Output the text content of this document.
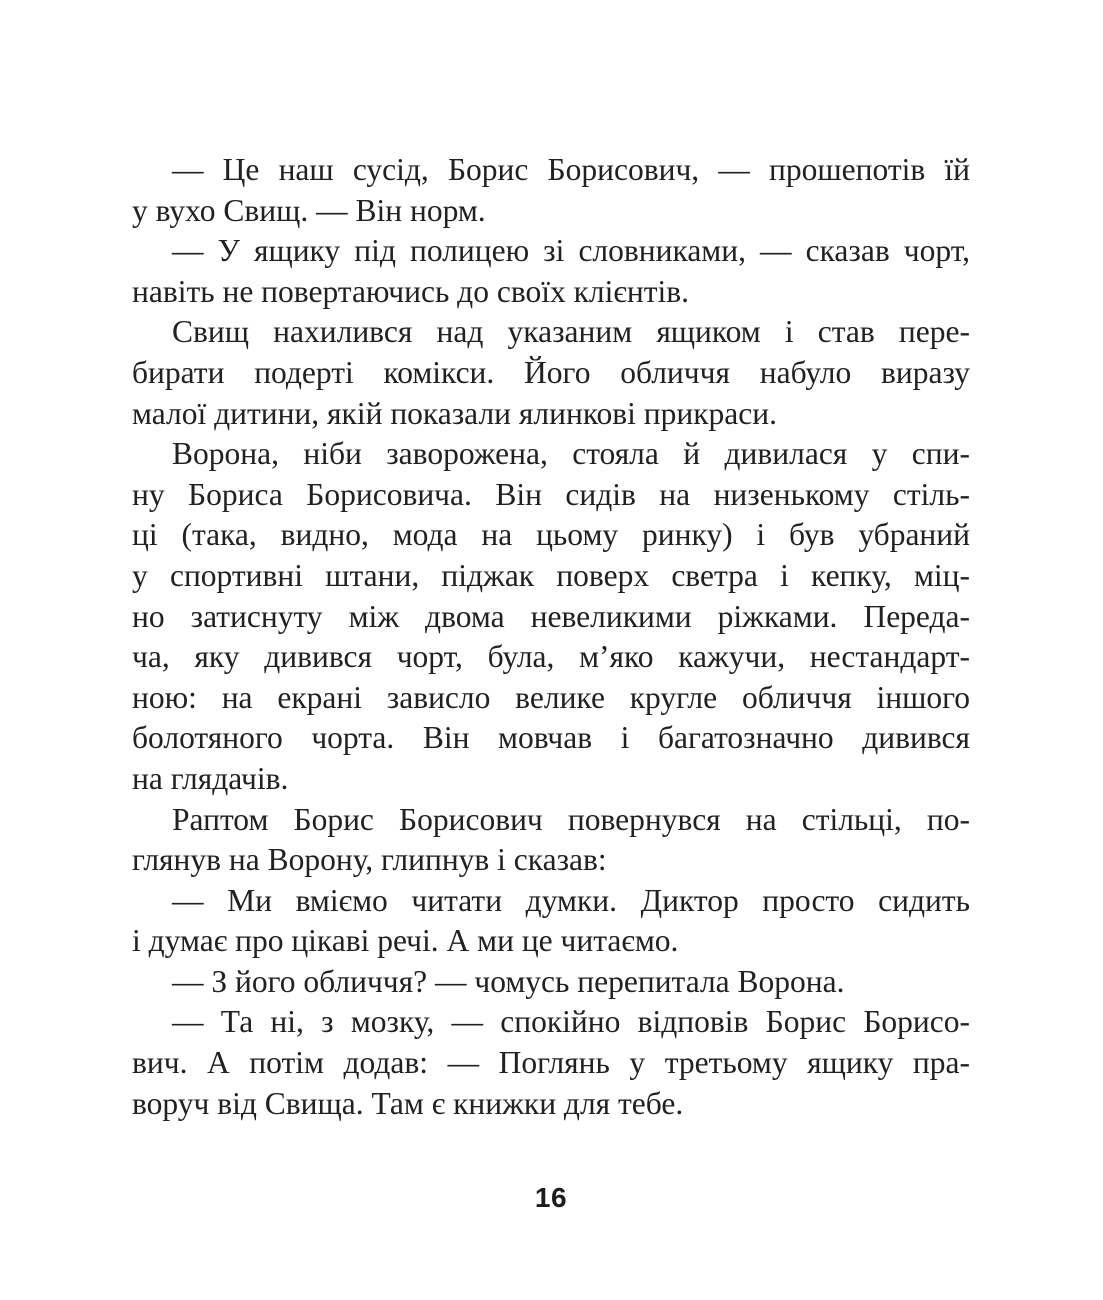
— Це наш сусід, Борис Борисович, — прошепотів їй
у вухо Свищ. — Він норм.
— У ящику під полицею зі словниками, — сказав чорт,
навіть не повертаючись до своїх клієнтів.
Свищ нахилився над указаним ящиком і став пере-
бирати подерті комікси. Його обличчя набуло виразу
малої дитини, якій показали ялинкові прикраси.
Ворона, ніби заворожена, стояла й дивилася у спи-
ну Бориса Борисовича. Він сидів на низенькому стіль-
ці (така, видно, мода на цьому ринку) і був убраний
у спортивні штани, піджак поверх светра і кепку, міц-
но затиснуту між двома невеликими ріжками. Переда-
ча, яку дивився чорт, була, м’яко кажучи, нестандарт-
ною: на екрані зависло велике кругле обличчя іншого
болотяного чорта. Він мовчав і багатозначно дивився
на глядачів.
Раптом Борис Борисович повернувся на стільці, по-
глянув на Ворону, глипнув і сказав:
— Ми вміємо читати думки. Диктор просто сидить
і думає про цікаві речі. А ми це читаємо.
— З його обличчя? — чомусь перепитала Ворона.
— Та ні, з мозку, — спокійно відповів Борис Борисо-
вич. А потім додав: — Поглянь у третьому ящику пра-
воруч від Свища. Там є книжки для тебе.
16
